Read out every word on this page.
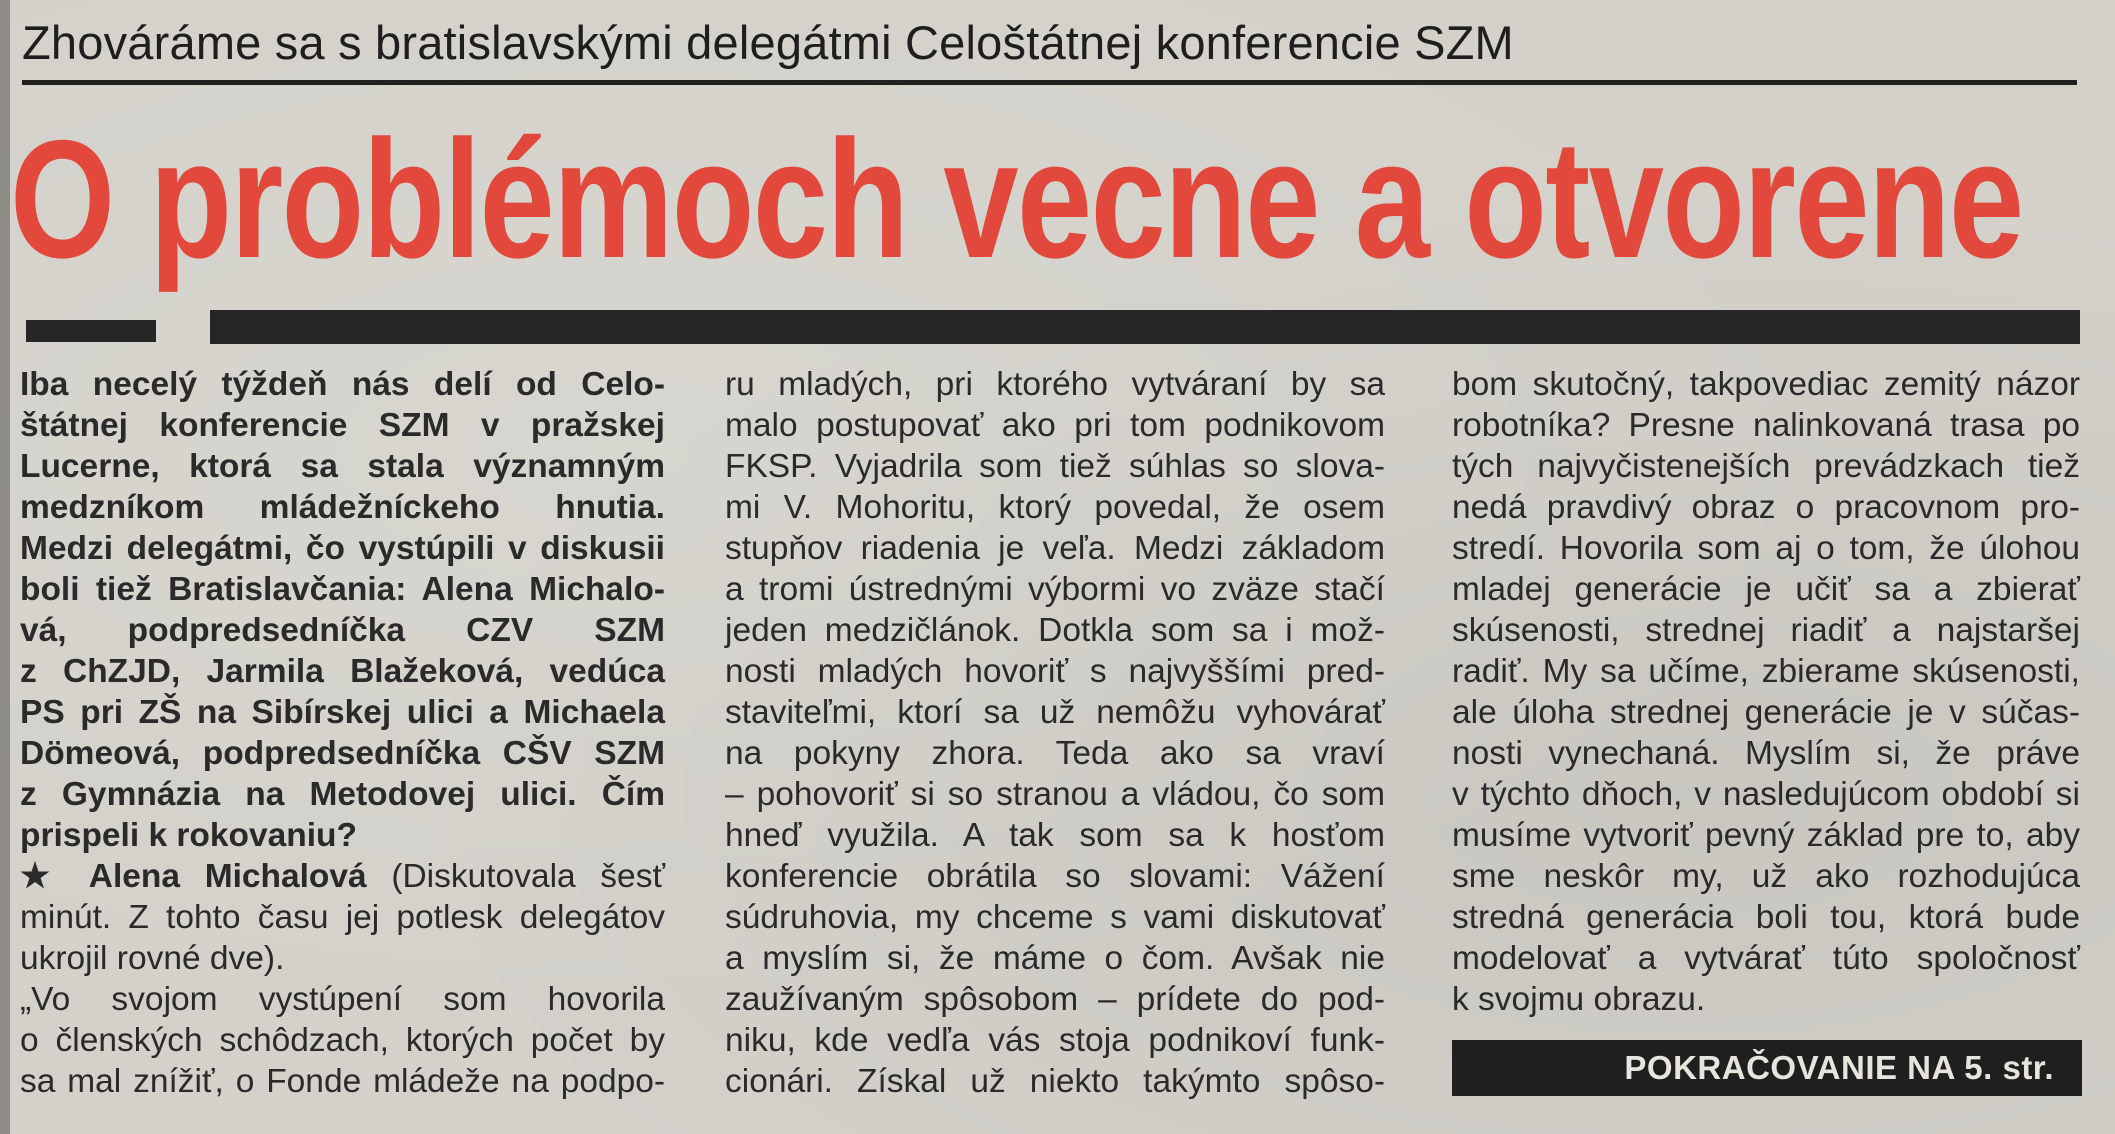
Zhováráme sa s bratislavskými delegátmi Celoštátnej konferencie SZM
O problémoch vecne a otvorene
Iba necelý týždeň nás delí od Celo-
štátnej konferencie SZM v pražskej
Lucerne, ktorá sa stala významným
medzníkom mládežníckeho hnutia.
Medzi delegátmi, čo vystúpili v diskusii
boli tiež Bratislavčania: Alena Michalo-
vá, podpredsedníčka CZV SZM
z ChZJD, Jarmila Blažeková, vedúca
PS pri ZŠ na Sibírskej ulici a Michaela
Dömeová, podpredsedníčka CŠV SZM
z Gymnázia na Metodovej ulici. Čím
prispeli k rokovaniu?
★ Alena Michalová (Diskutovala šesť
minút. Z tohto času jej potlesk delegátov
ukrojil rovné dve).
„Vo svojom vystúpení som hovorila
o členských schôdzach, ktorých počet by
sa mal znížiť, o Fonde mládeže na podpo-
ru mladých, pri ktorého vytváraní by sa
malo postupovať ako pri tom podnikovom
FKSP. Vyjadrila som tiež súhlas so slova-
mi V. Mohoritu, ktorý povedal, že osem
stupňov riadenia je veľa. Medzi základom
a tromi ústrednými výbormi vo zväze stačí
jeden medzičlánok. Dotkla som sa i mož-
nosti mladých hovoriť s najvyššími pred-
staviteľmi, ktorí sa už nemôžu vyhovárať
na pokyny zhora. Teda ako sa vraví
– pohovoriť si so stranou a vládou, čo som
hneď využila. A tak som sa k hosťom
konferencie obrátila so slovami: Vážení
súdruhovia, my chceme s vami diskutovať
a myslím si, že máme o čom. Avšak nie
zaužívaným spôsobom – prídete do pod-
niku, kde vedľa vás stoja podnikoví funk-
cionári. Získal už niekto takýmto spôso-
bom skutočný, takpovediac zemitý názor
robotníka? Presne nalinkovaná trasa po
tých najvyčistenejších prevádzkach tiež
nedá pravdivý obraz o pracovnom pro-
stredí. Hovorila som aj o tom, že úlohou
mladej generácie je učiť sa a zbierať
skúsenosti, strednej riadiť a najstaršej
radiť. My sa učíme, zbierame skúsenosti,
ale úloha strednej generácie je v súčas-
nosti vynechaná. Myslím si, že práve
v týchto dňoch, v nasledujúcom období si
musíme vytvoriť pevný základ pre to, aby
sme neskôr my, už ako rozhodujúca
stredná generácia boli tou, ktorá bude
modelovať a vytvárať túto spoločnosť
k svojmu obrazu.
POKRAČOVANIE NA 5. str.
